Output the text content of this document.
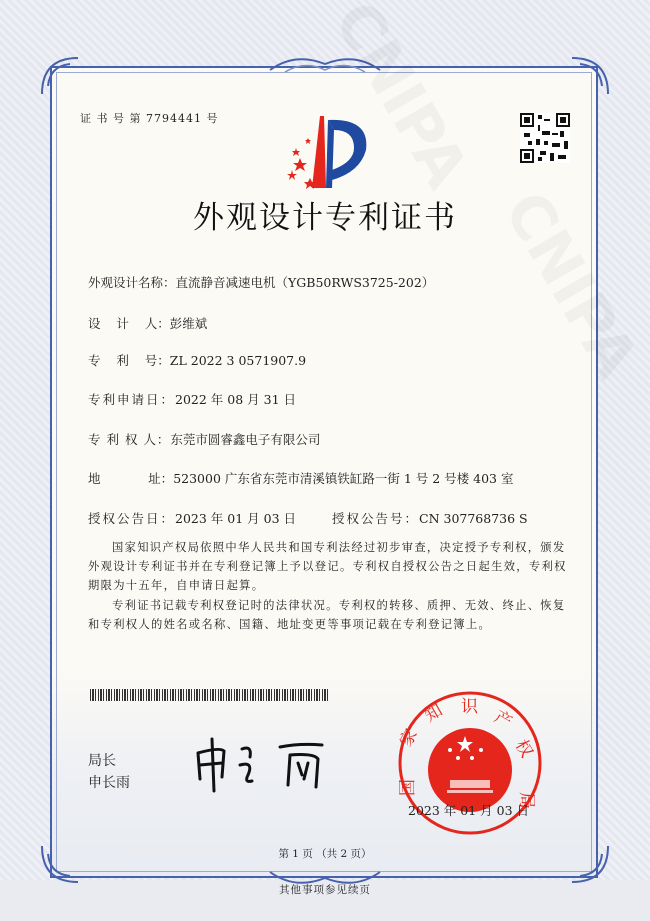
证 书 号 第 7794441 号
外观设计专利证书
外观设计名称：直流静音减速电机（YGB50RWS3725-202）
设    计    人：彭维斌
专    利    号：ZL 2022 3 0571907.9
专利申请日：2022 年 08 月 31 日
专 利 权 人：东莞市圆睿鑫电子有限公司
地            址：523000 广东省东莞市清溪镇铁缸路一街 1 号 2 号楼 403 室
授权公告日：2023 年 01 月 03 日	授权公告号：CN 307768736 S
国家知识产权局依照中华人民共和国专利法经过初步审查，决定授予专利权，颁发外观设计专利证书并在专利登记簿上予以登记。专利权自授权公告之日起生效，专利权期限为十五年，自申请日起算。
专利证书记载专利权登记时的法律状况。专利权的转移、质押、无效、终止、恢复和专利权人的姓名或名称、国籍、地址变更等事项记载在专利登记簿上。
局长
申长雨
家
知 识
产
权
局
国
2023 年 01 月 03 日
第 1 页 （共 2 页）
其他事项参见续页
